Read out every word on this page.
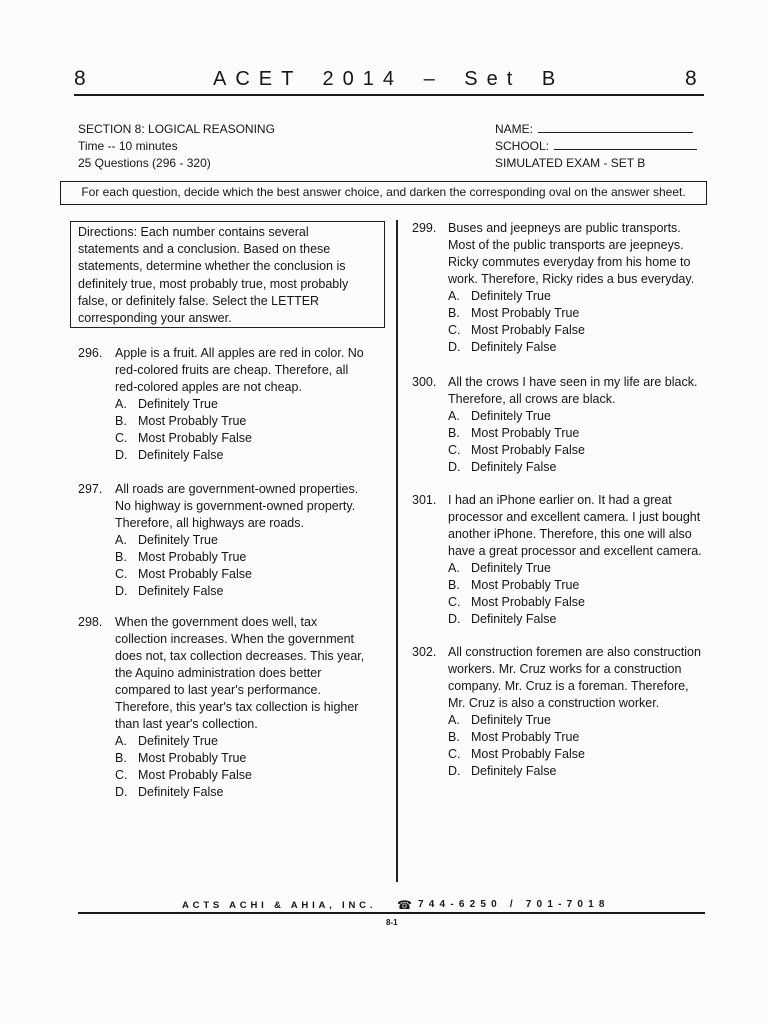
8	ACET 2014 – Set B	8
SECTION 8: LOGICAL REASONING
Time -- 10 minutes
25 Questions (296 - 320)
NAME:
SCHOOL:
SIMULATED EXAM - SET B
For each question, decide which the best answer choice, and darken the corresponding oval on the answer sheet.
Directions: Each number contains several
statements and a conclusion. Based on these
statements, determine whether the conclusion is
definitely true, most probably true, most probably
false, or definitely false. Select the LETTER
corresponding your answer.
296. Apple is a fruit. All apples are red in color. No
red-colored fruits are cheap. Therefore, all
red-colored apples are not cheap.
A. Definitely True
B. Most Probably True
C. Most Probably False
D. Definitely False
297. All roads are government-owned properties.
No highway is government-owned property.
Therefore, all highways are roads.
A. Definitely True
B. Most Probably True
C. Most Probably False
D. Definitely False
298. When the government does well, tax
collection increases. When the government
does not, tax collection decreases. This year,
the Aquino administration does better
compared to last year's performance.
Therefore, this year's tax collection is higher
than last year's collection.
A. Definitely True
B. Most Probably True
C. Most Probably False
D. Definitely False
299. Buses and jeepneys are public transports.
Most of the public transports are jeepneys.
Ricky commutes everyday from his home to
work. Therefore, Ricky rides a bus everyday.
A. Definitely True
B. Most Probably True
C. Most Probably False
D. Definitely False
300. All the crows I have seen in my life are black.
Therefore, all crows are black.
A. Definitely True
B. Most Probably True
C. Most Probably False
D. Definitely False
301. I had an iPhone earlier on. It had a great
processor and excellent camera. I just bought
another iPhone. Therefore, this one will also
have a great processor and excellent camera.
A. Definitely True
B. Most Probably True
C. Most Probably False
D. Definitely False
302. All construction foremen are also construction
workers. Mr. Cruz works for a construction
company. Mr. Cruz is a foreman. Therefore,
Mr. Cruz is also a construction worker.
A. Definitely True
B. Most Probably True
C. Most Probably False
D. Definitely False
ACTS ACHI & AHIA, INC.
☎	744-6250 / 701-7018
8-1
